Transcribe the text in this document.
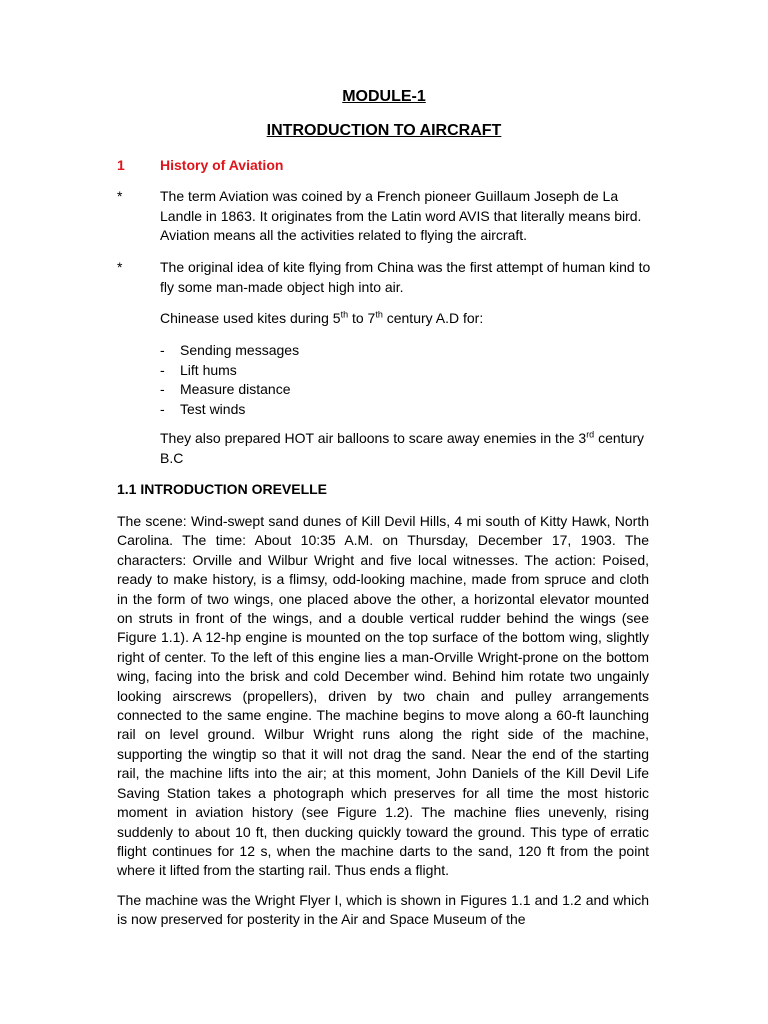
MODULE-1
INTRODUCTION TO AIRCRAFT
1	History of Aviation
*	The term Aviation was coined by a French pioneer Guillaum Joseph de La Landle in 1863. It originates from the Latin word AVIS that literally means bird. Aviation means all the activities related to flying the aircraft.
*	The original idea of kite flying from China was the first attempt of human kind to fly some man-made object high into air.
Chinease used kites during 5th to 7th century A.D for:
- Sending messages
- Lift hums
- Measure distance
- Test winds
They also prepared HOT air balloons to scare away enemies in the 3rd century B.C
1.1 INTRODUCTION OREVELLE
The scene: Wind-swept sand dunes of Kill Devil Hills, 4 mi south of Kitty Hawk, North Carolina. The time: About 10:35 A.M. on Thursday, December 17, 1903. The characters: Orville and Wilbur Wright and five local witnesses. The action: Poised, ready to make history, is a flimsy, odd-looking machine, made from spruce and cloth in the form of two wings, one placed above the other, a horizontal elevator mounted on struts in front of the wings, and a double vertical rudder behind the wings (see Figure 1.1). A 12-hp engine is mounted on the top surface of the bottom wing, slightly right of center. To the left of this engine lies a man-Orville Wright-prone on the bottom wing, facing into the brisk and cold December wind. Behind him rotate two ungainly looking airscrews (propellers), driven by two chain and pulley arrangements connected to the same engine. The machine begins to move along a 60-ft launching rail on level ground. Wilbur Wright runs along the right side of the machine, supporting the wingtip so that it will not drag the sand. Near the end of the starting rail, the machine lifts into the air; at this moment, John Daniels of the Kill Devil Life Saving Station takes a photograph which preserves for all time the most historic moment in aviation history (see Figure 1.2). The machine flies unevenly, rising suddenly to about 10 ft, then ducking quickly toward the ground. This type of erratic flight continues for 12 s, when the machine darts to the sand, 120 ft from the point where it lifted from the starting rail. Thus ends a flight.
The machine was the Wright Flyer I, which is shown in Figures 1.1 and 1.2 and which is now preserved for posterity in the Air and Space Museum of the
